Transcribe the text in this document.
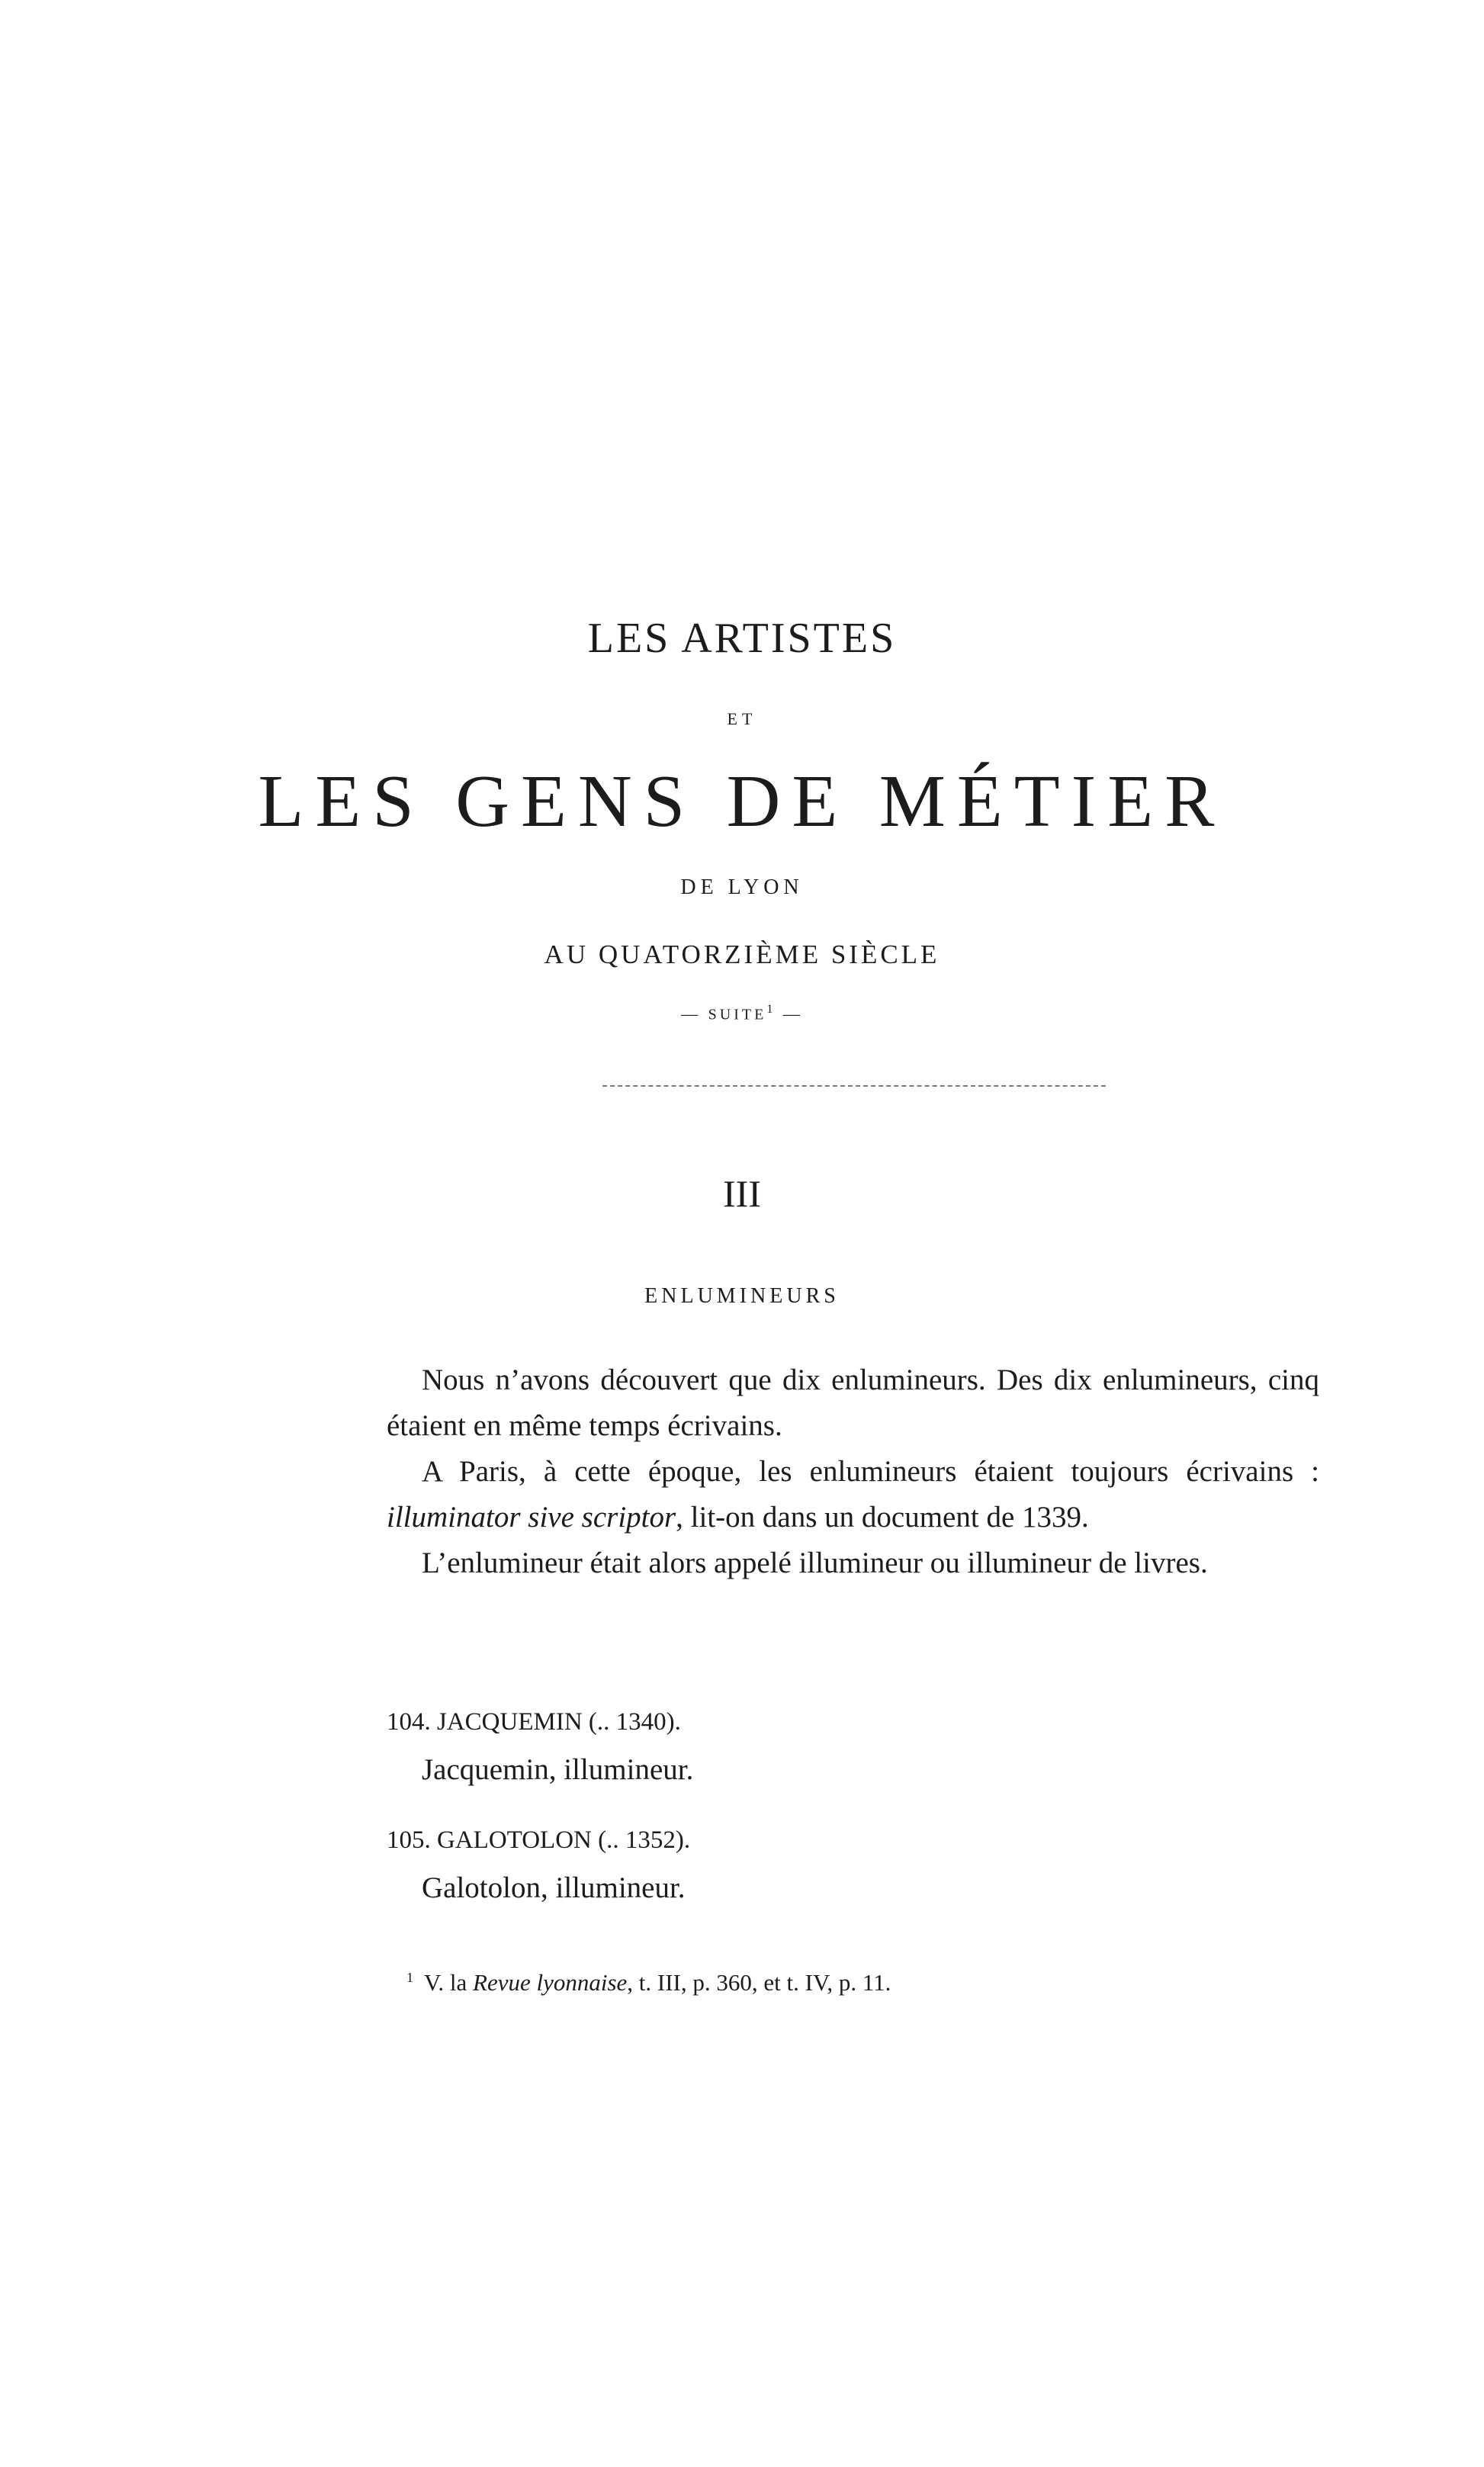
LES ARTISTES
ET
LES GENS DE MÉTIER
DE LYON
AU QUATORZIÈME SIÈCLE
— SUITE$^1$ —
III
ENLUMINEURS

Nous n’avons découvert que dix enlumineurs. Des dix enlumineurs, cinq étaient en même temps écrivains.

A Paris, à cette époque, les enlumineurs étaient toujours écrivains : illuminator sive scriptor, lit-on dans un document de 1339.

L’enlumineur était alors appelé illumineur ou illumineur de livres.

104. JACQUEMIN (.. 1340).
Jacquemin, illumineur.
105. GALOTOLON (.. 1352).
Galotolon, illumineur.
$^1$ V. la Revue lyonnaise, t. III, p. 360, et t. IV, p. 11.
